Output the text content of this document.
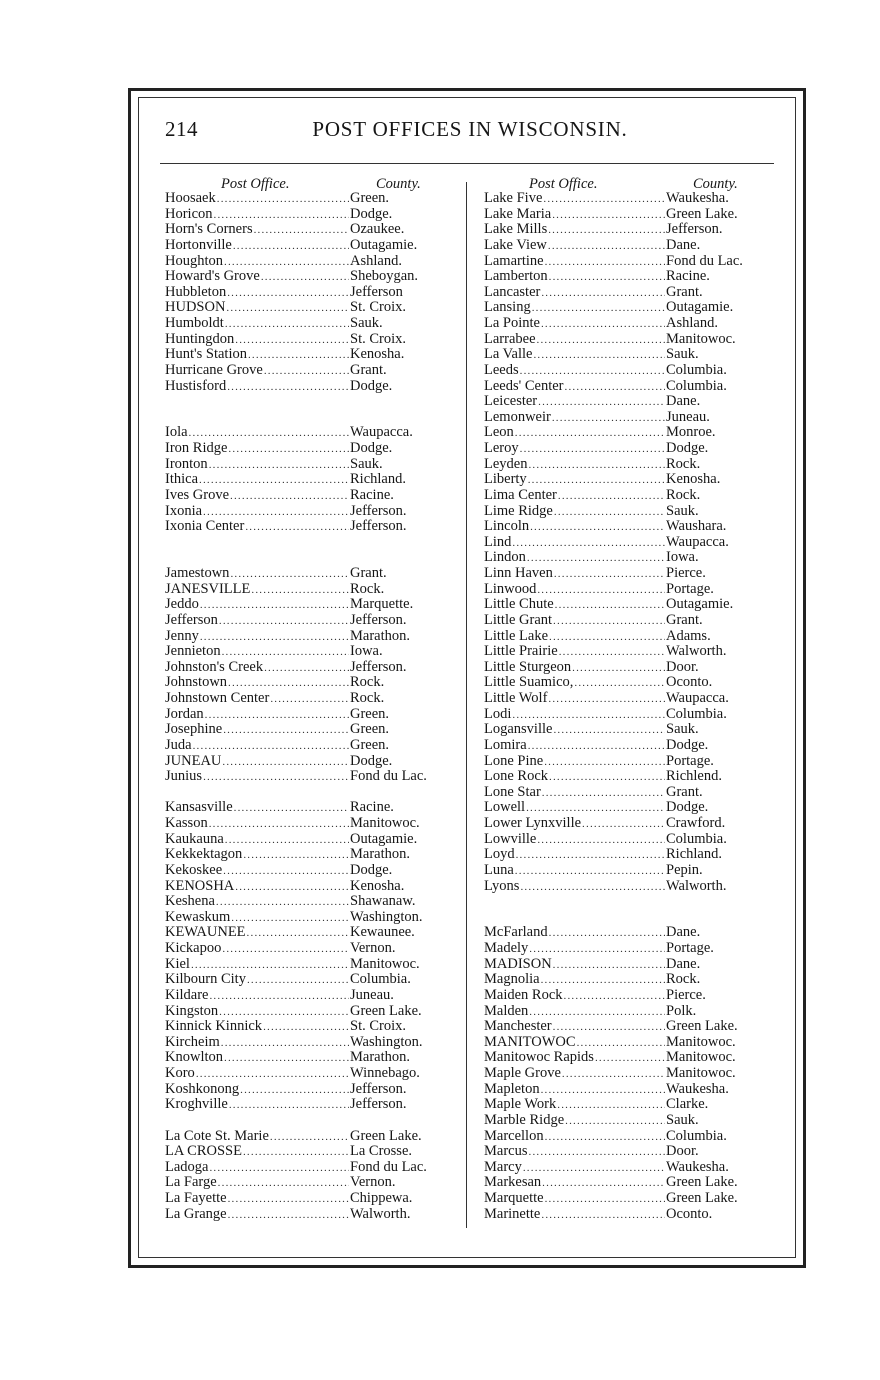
214	POST OFFICES IN WISCONSIN.
Post Office.	County.	Post Office.	County.
Hoosaek .....	Green.
Horicon .....	Dodge.
Horn's Corners .....	Ozaukee.
Hortonville .....	Outagamie.
Houghton .....	Ashland.
Howard's Grove .....	Sheboygan.
Hubbleton .....	Jefferson
HUDSON .....	St. Croix.
Humboldt .....	Sauk.
Huntingdon .....	St. Croix.
Hunt's Station .....	Kenosha.
Hurricane Grove .....	Grant.
Hustisford .....	Dodge.
Iola .....	Waupacca.
Iron Ridge .....	Dodge.
Ironton .....	Sauk.
Ithica .....	Richland.
Ives Grove .....	Racine.
Ixonia .....	Jefferson.
Ixonia Center .....	Jefferson.
Jamestown .....	Grant.
JANESVILLE .....	Rock.
Jeddo .....	Marquette.
Jefferson .....	Jefferson.
Jenny .....	Marathon.
Jennieton .....	Iowa.
Johnston's Creek .....	Jefferson.
Johnstown .....	Rock.
Johnstown Center .....	Rock.
Jordan .....	Green.
Josephine .....	Green.
Juda .....	Green.
JUNEAU .....	Dodge.
Junius .....	Fond du Lac.
Kansasville .....	Racine.
Kasson .....	Manitowoc.
Kaukauna .....	Outagamie.
Kekkektagon .....	Marathon.
Kekoskee .....	Dodge.
KENOSHA .....	Kenosha.
Keshena .....	Shawanaw.
Kewaskum .....	Washington.
KEWAUNEE .....	Kewaunee.
Kickapoo .....	Vernon.
Kiel .....	Manitowoc.
Kilbourn City .....	Columbia.
Kildare .....	Juneau.
Kingston .....	Green Lake.
Kinnick Kinnick .....	St. Croix.
Kircheim .....	Washington.
Knowlton .....	Marathon.
Koro .....	Winnebago.
Koshkonong .....	Jefferson.
Kroghville .....	Jefferson.
La Cote St. Marie .....	Green Lake.
LA CROSSE .....	La Crosse.
Ladoga .....	Fond du Lac.
La Farge .....	Vernon.
La Fayette .....	Chippewa.
La Grange .....	Walworth.
Lake Five .....	Waukesha.
Lake Maria .....	Green Lake.
Lake Mills .....	Jefferson.
Lake View .....	Dane.
Lamartine .....	Fond du Lac.
Lamberton .....	Racine.
Lancaster .....	Grant.
Lansing .....	Outagamie.
La Pointe .....	Ashland.
Larrabee .....	Manitowoc.
La Valle .....	Sauk.
Leeds .....	Columbia.
Leeds' Center .....	Columbia.
Leicester .....	Dane.
Lemonweir .....	Juneau.
Leon .....	Monroe.
Leroy .....	Dodge.
Leyden .....	Rock.
Liberty .....	Kenosha.
Lima Center .....	Rock.
Lime Ridge .....	Sauk.
Lincoln .....	Waushara.
Lind .....	Waupacca.
Lindon .....	Iowa.
Linn Haven .....	Pierce.
Linwood .....	Portage.
Little Chute .....	Outagamie.
Little Grant .....	Grant.
Little Lake .....	Adams.
Little Prairie .....	Walworth.
Little Sturgeon .....	Door.
Little Suamico, .....	Oconto.
Little Wolf .....	Waupacca.
Lodi .....	Columbia.
Logansville .....	Sauk.
Lomira .....	Dodge.
Lone Pine .....	Portage.
Lone Rock .....	Richlend.
Lone Star .....	Grant.
Lowell .....	Dodge.
Lower Lynxville .....	Crawford.
Lowville .....	Columbia.
Loyd .....	Richland.
Luna .....	Pepin.
Lyons .....	Walworth.
McFarland .....	Dane.
Madely .....	Portage.
MADISON .....	Dane.
Magnolia .....	Rock.
Maiden Rock .....	Pierce.
Malden .....	Polk.
Manchester .....	Green Lake.
MANITOWOC .....	Manitowoc.
Manitowoc Rapids .....	Manitowoc.
Maple Grove .....	Manitowoc.
Mapleton .....	Waukesha.
Maple Work .....	Clarke.
Marble Ridge .....	Sauk.
Marcellon .....	Columbia.
Marcus .....	Door.
Marcy .....	Waukesha.
Markesan .....	Green Lake.
Marquette .....	Green Lake.
Marinette .....	Oconto.
